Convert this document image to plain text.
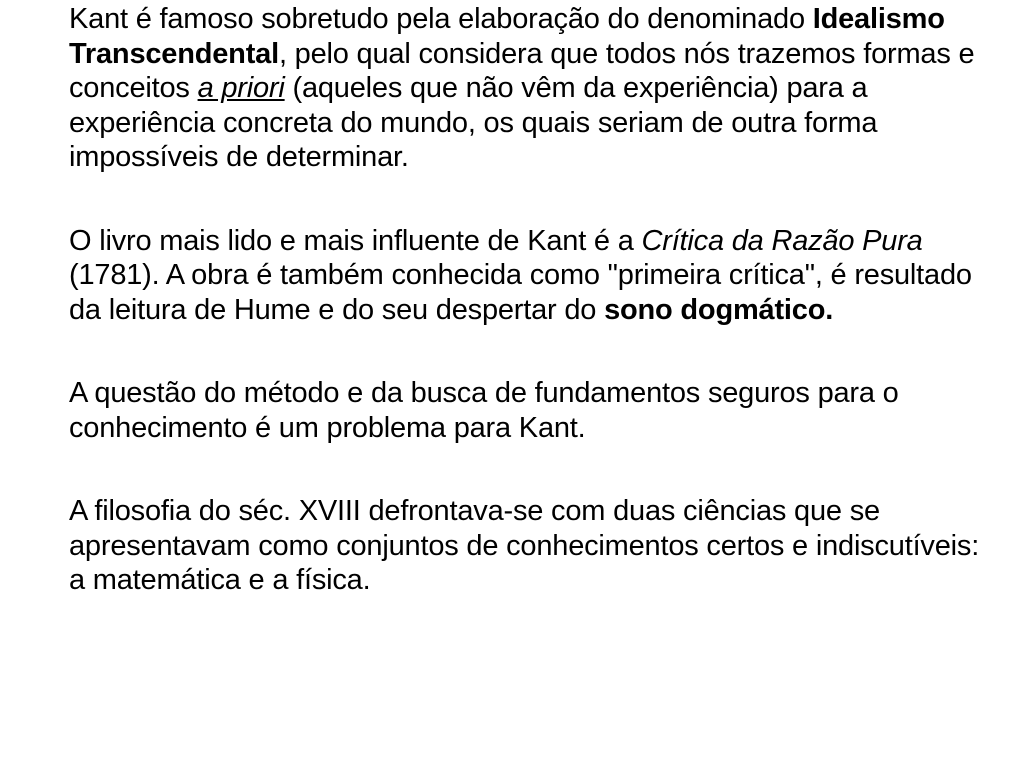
Kant é famoso sobretudo pela elaboração do denominado Idealismo Transcendental, pelo qual considera que todos nós trazemos formas e conceitos a priori (aqueles que não vêm da experiência) para a experiência concreta do mundo, os quais seriam de outra forma impossíveis de determinar.

O livro mais lido e mais influente de Kant é a Crítica da Razão Pura (1781). A obra é também conhecida como "primeira crítica", é resultado da leitura de Hume e do seu despertar do sono dogmático.

A questão do método e da busca de fundamentos seguros para o conhecimento é um problema para Kant.

A filosofia do séc. XVIII defrontava-se com duas ciências que se apresentavam como conjuntos de conhecimentos certos e indiscutíveis: a matemática e a física.
